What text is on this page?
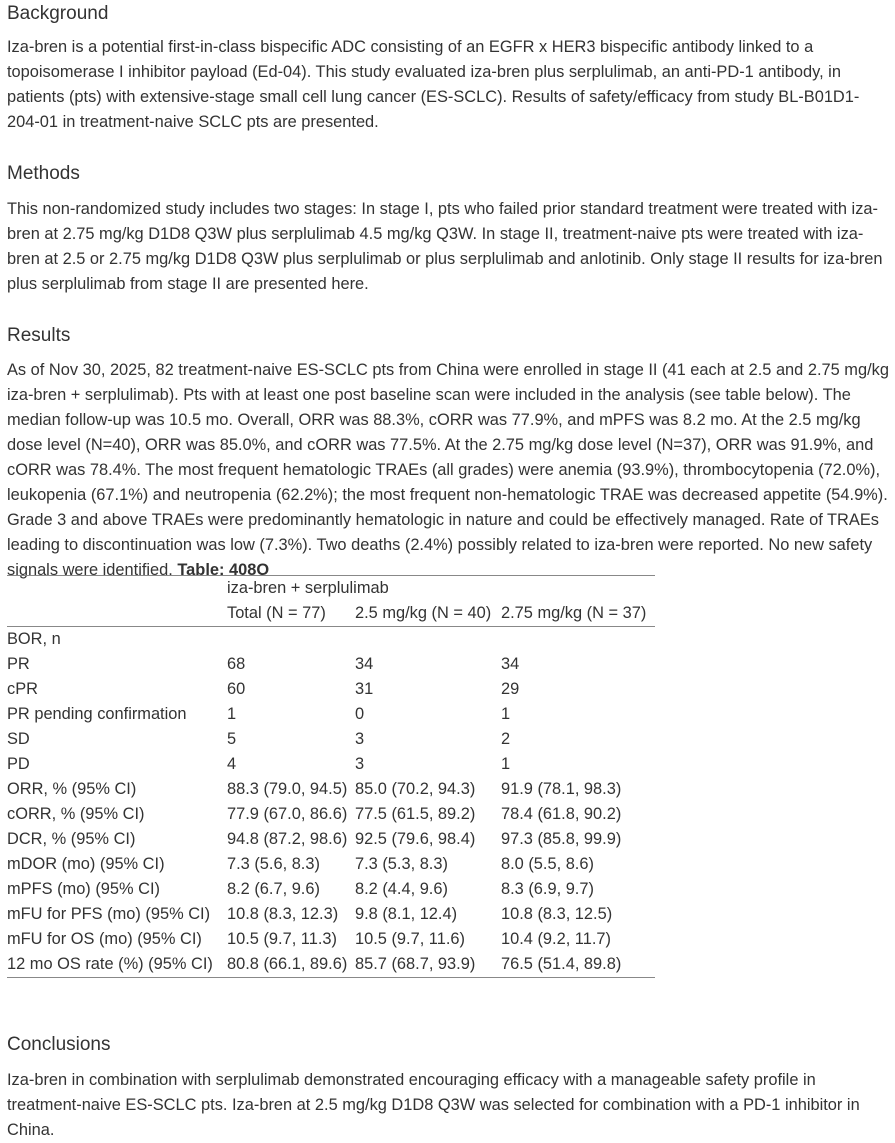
Background

Iza-bren is a potential first-in-class bispecific ADC consisting of an EGFR x HER3 bispecific antibody linked to a topoisomerase I inhibitor payload (Ed-04). This study evaluated iza-bren plus serplulimab, an anti-PD-1 antibody, in patients (pts) with extensive-stage small cell lung cancer (ES-SCLC). Results of safety/efficacy from study BL-B01D1-204-01 in treatment-naive SCLC pts are presented.

Methods

This non-randomized study includes two stages: In stage I, pts who failed prior standard treatment were treated with iza-bren at 2.75 mg/kg D1D8 Q3W plus serplulimab 4.5 mg/kg Q3W. In stage II, treatment-naive pts were treated with iza-bren at 2.5 or 2.75 mg/kg D1D8 Q3W plus serplulimab or plus serplulimab and anlotinib. Only stage II results for iza-bren plus serplulimab from stage II are presented here.

Results

As of Nov 30, 2025, 82 treatment-naive ES-SCLC pts from China were enrolled in stage II (41 each at 2.5 and 2.75 mg/kg iza-bren + serplulimab). Pts with at least one post baseline scan were included in the analysis (see table below). The median follow-up was 10.5 mo. Overall, ORR was 88.3%, cORR was 77.9%, and mPFS was 8.2 mo. At the 2.5 mg/kg dose level (N=40), ORR was 85.0%, and cORR was 77.5%. At the 2.75 mg/kg dose level (N=37), ORR was 91.9%, and cORR was 78.4%. The most frequent hematologic TRAEs (all grades) were anemia (93.9%), thrombocytopenia (72.0%), leukopenia (67.1%) and neutropenia (62.2%); the most frequent non-hematologic TRAE was decreased appetite (54.9%). Grade 3 and above TRAEs were predominantly hematologic in nature and could be effectively managed. Rate of TRAEs leading to discontinuation was low (7.3%). Two deaths (2.4%) possibly related to iza-bren were reported. No new safety signals were identified. Table: 408O

	iza-bren + serplulimab		
	Total (N = 77)	2.5 mg/kg (N = 40)	2.75 mg/kg (N = 37)
BOR, n			
PR	68	34	34
cPR	60	31	29
PR pending confirmation	1	0	1
SD	5	3	2
PD	4	3	1
ORR, % (95% CI)	88.3 (79.0, 94.5)	85.0 (70.2, 94.3)	91.9 (78.1, 98.3)
cORR, % (95% CI)	77.9 (67.0, 86.6)	77.5 (61.5, 89.2)	78.4 (61.8, 90.2)
DCR, % (95% CI)	94.8 (87.2, 98.6)	92.5 (79.6, 98.4)	97.3 (85.8, 99.9)
mDOR (mo) (95% CI)	7.3 (5.6, 8.3)	7.3 (5.3, 8.3)	8.0 (5.5, 8.6)
mPFS (mo) (95% CI)	8.2 (6.7, 9.6)	8.2 (4.4, 9.6)	8.3 (6.9, 9.7)
mFU for PFS (mo) (95% CI)	10.8 (8.3, 12.3)	9.8 (8.1, 12.4)	10.8 (8.3, 12.5)
mFU for OS (mo) (95% CI)	10.5 (9.7, 11.3)	10.5 (9.7, 11.6)	10.4 (9.2, 11.7)
12 mo OS rate (%) (95% CI)	80.8 (66.1, 89.6)	85.7 (68.7, 93.9)	76.5 (51.4, 89.8)
Conclusions

Iza-bren in combination with serplulimab demonstrated encouraging efficacy with a manageable safety profile in treatment-naive ES-SCLC pts. Iza-bren at 2.5 mg/kg D1D8 Q3W was selected for combination with a PD-1 inhibitor in China.
